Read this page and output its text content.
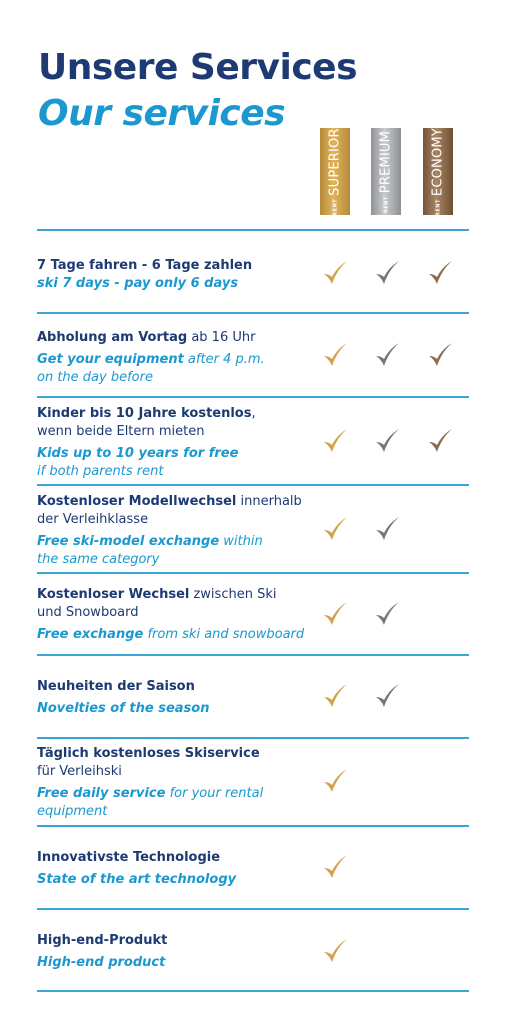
Unsere Services
Our services
RENT
SUPERIOR
RENT
PREMIUM
RENT
ECONOMY
7 Tage fahren - 6 Tage zahlen
ski 7 days - pay only 6 days
Abholung am Vortag ab 16 Uhr
Get your equipment after 4 p.m.
on the day before
Kinder bis 10 Jahre kostenlos,
wenn beide Eltern mieten
Kids up to 10 years for free
if both parents rent
Kostenloser Modellwechsel innerhalb
der Verleihklasse
Free ski-model exchange within
the same category
Kostenloser Wechsel zwischen Ski
und Snowboard
Free exchange from ski and snowboard
Neuheiten der Saison
Novelties of the season
Täglich kostenloses Skiservice
für Verleihski
Free daily service for your rental
equipment
Innovativste Technologie
State of the art technology
High-end-Produkt
High-end product
